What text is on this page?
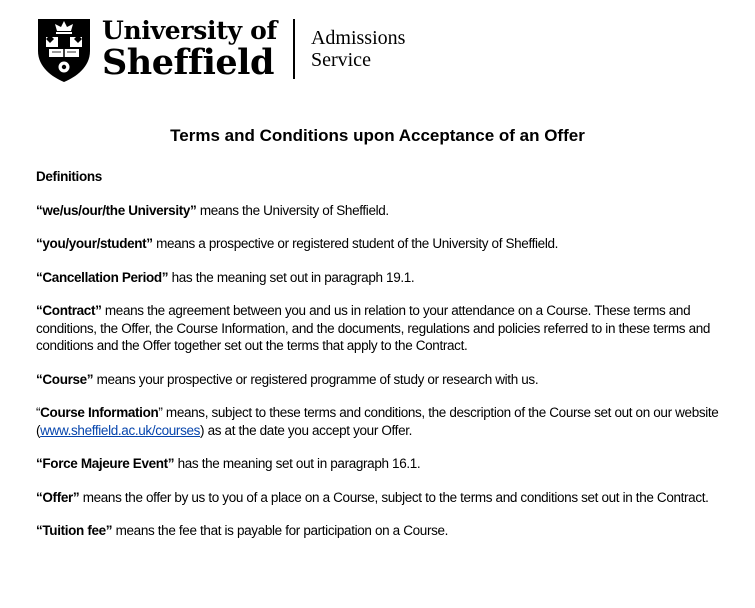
University of
Sheffield
Admissions
Service
Terms and Conditions upon Acceptance of an Offer
Definitions

“we/us/our/the University” means the University of Sheffield.

“you/your/student” means a prospective or registered student of the University of Sheffield.

“Cancellation Period” has the meaning set out in paragraph 19.1.

“Contract” means the agreement between you and us in relation to your attendance on a Course. These terms and conditions, the Offer, the Course Information, and the documents, regulations and policies referred to in these terms and conditions and the Offer together set out the terms that apply to the Contract.

“Course” means your prospective or registered programme of study or research with us.

“Course Information” means, subject to these terms and conditions, the description of the Course set out on our website (www.sheffield.ac.uk/courses) as at the date you accept your Offer.

“Force Majeure Event” has the meaning set out in paragraph 16.1.

“Offer” means the offer by us to you of a place on a Course, subject to the terms and conditions set out in the Contract.

“Tuition fee” means the fee that is payable for participation on a Course.
